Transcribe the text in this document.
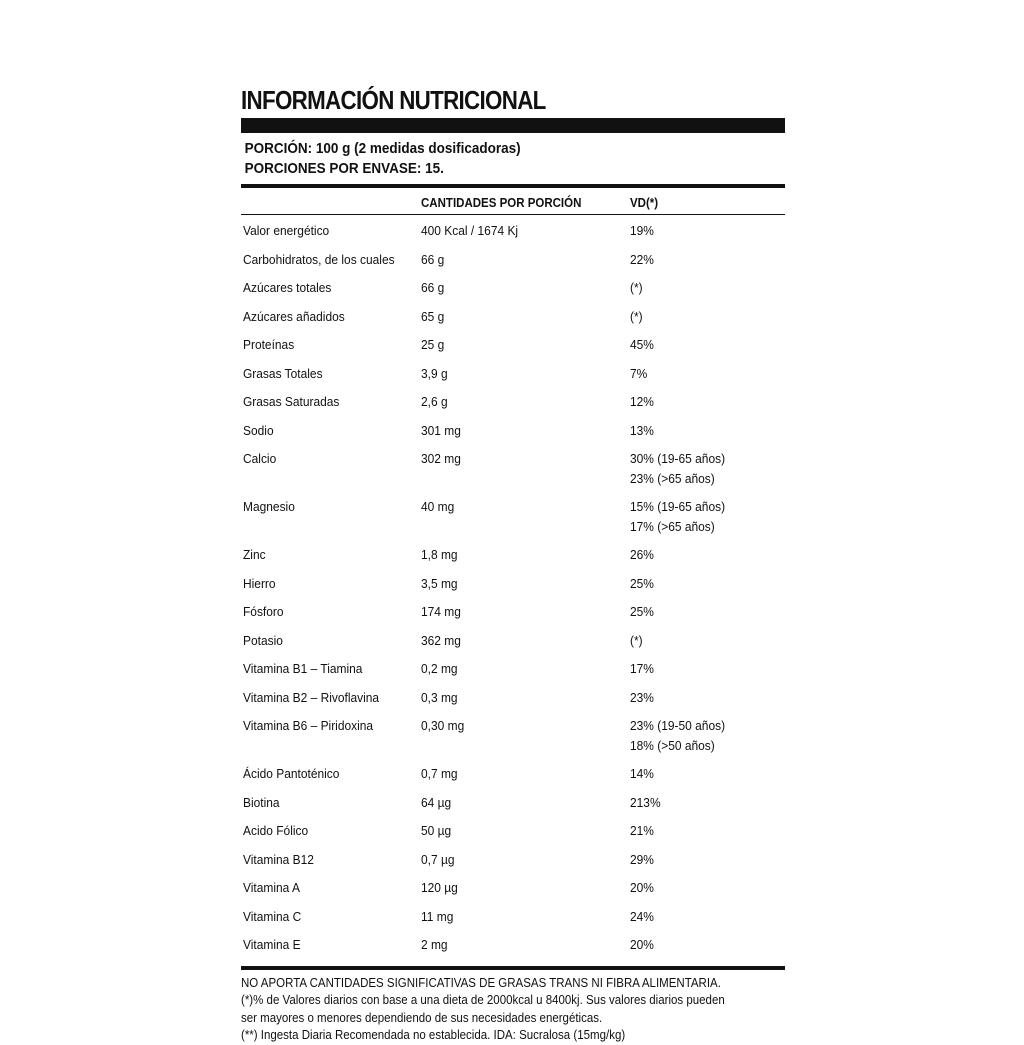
INFORMACIÓN NUTRICIONAL
PORCIÓN: 100 g (2 medidas dosificadoras)
PORCIONES POR ENVASE: 15.
CANTIDADES POR PORCIÓN	VD(*)
Valor energético	400 Kcal / 1674 Kj	19%
Carbohidratos, de los cuales 66 g	22%
Azúcares totales	66 g	(*)
Azúcares añadidos	65 g	(*)
Proteínas	25 g	45%
Grasas Totales	3,9 g	7%
Grasas Saturadas	2,6 g	12%
Sodio	301 mg	13%
Calcio	302 mg	30% (19-65 años)
23% (>65 años)
Magnesio	40 mg	15% (19-65 años)
17% (>65 años)
Zinc	1,8 mg	26%
Hierro	3,5 mg	25%
Fósforo	174 mg	25%
Potasio	362 mg	(*)
Vitamina B1 – Tiamina	0,2 mg	17%
Vitamina B2 – Rivoflavina	0,3 mg	23%
Vitamina B6 – Piridoxina	0,30 mg	23% (19-50 años)
18% (>50 años)
Ácido Pantoténico	0,7 mg	14%
Biotina	64 µg	213%
Acido Fólico	50 µg	21%
Vitamina B12	0,7 µg	29%
Vitamina A	120 µg	20%
Vitamina C	11 mg	24%
Vitamina E	2 mg	20%
NO APORTA CANTIDADES SIGNIFICATIVAS DE GRASAS TRANS NI FIBRA ALIMENTARIA.
(*)% de Valores diarios con base a una dieta de 2000kcal u 8400kj. Sus valores diarios pueden
ser mayores o menores dependiendo de sus necesidades energéticas.
(**) Ingesta Diaria Recomendada no establecida. IDA: Sucralosa (15mg/kg)
